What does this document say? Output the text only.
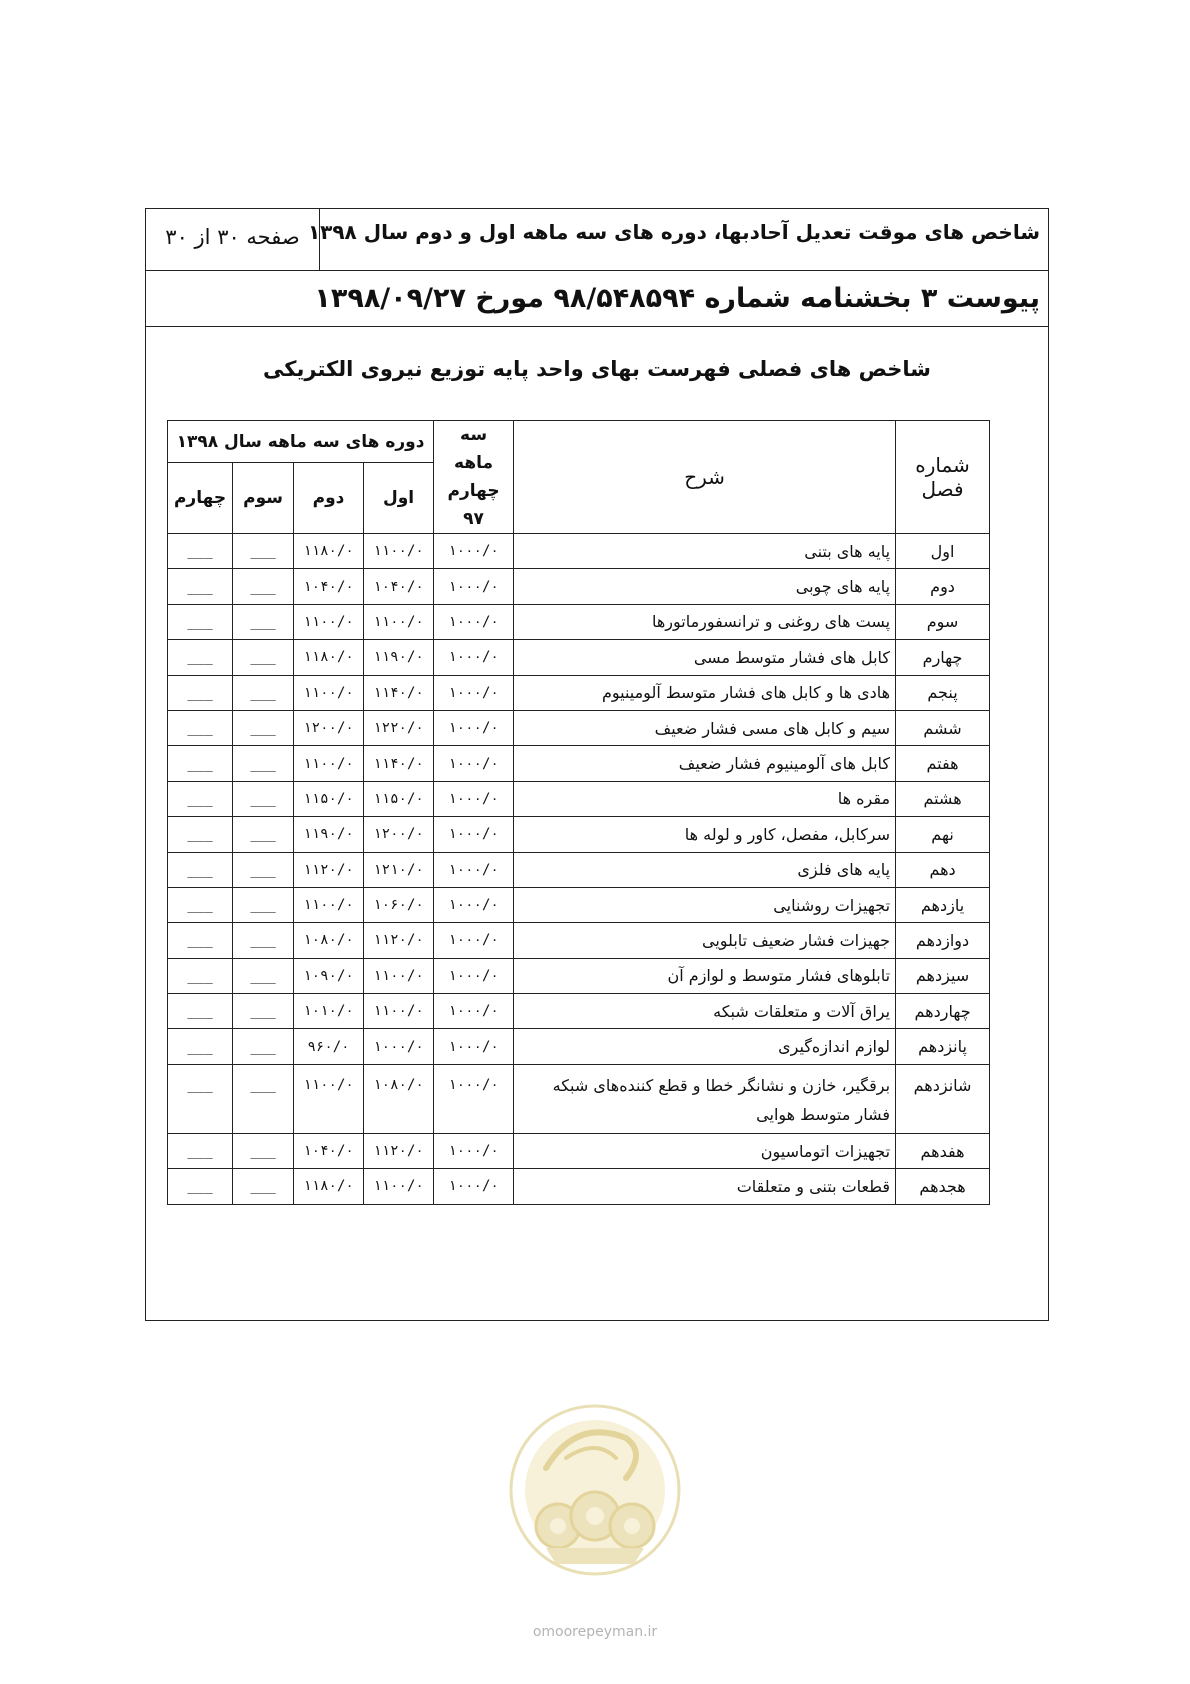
شاخص های موقت تعدیل آحادبها، دوره های سه ماهه اول و دوم سال ۱۳۹۸
صفحه ۳۰ از ۳۰
پیوست ۳ بخشنامه شماره ۹۸/۵۴۸۵۹۴ مورخ ۱۳۹۸/۰۹/۲۷
شاخص های فصلی فهرست بهای واحد پایه توزیع نیروی الکتریکی
شماره فصل	شرح	سه ماهه چهارم ۹۷	دوره های سه ماهه سال ۱۳۹۸			
			اول	دوم	سوم	چهارم
اول	پایه های بتنی	۱۰۰۰/۰	۱۱۰۰/۰	۱۱۸۰/۰	___	___
دوم	پایه های چوبی	۱۰۰۰/۰	۱۰۴۰/۰	۱۰۴۰/۰	___	___
سوم	پست های روغنی و ترانسفورماتورها	۱۰۰۰/۰	۱۱۰۰/۰	۱۱۰۰/۰	___	___
چهارم	کابل های فشار متوسط مسی	۱۰۰۰/۰	۱۱۹۰/۰	۱۱۸۰/۰	___	___
پنجم	هادی ها و کابل های فشار متوسط آلومینیوم	۱۰۰۰/۰	۱۱۴۰/۰	۱۱۰۰/۰	___	___
ششم	سیم و کابل های مسی فشار ضعیف	۱۰۰۰/۰	۱۲۲۰/۰	۱۲۰۰/۰	___	___
هفتم	کابل های آلومینیوم فشار ضعیف	۱۰۰۰/۰	۱۱۴۰/۰	۱۱۰۰/۰	___	___
هشتم	مقره ها	۱۰۰۰/۰	۱۱۵۰/۰	۱۱۵۰/۰	___	___
نهم	سرکابل، مفصل، کاور و لوله ها	۱۰۰۰/۰	۱۲۰۰/۰	۱۱۹۰/۰	___	___
دهم	پایه های فلزی	۱۰۰۰/۰	۱۲۱۰/۰	۱۱۲۰/۰	___	___
یازدهم	تجهیزات روشنایی	۱۰۰۰/۰	۱۰۶۰/۰	۱۱۰۰/۰	___	___
دوازدهم	جهیزات فشار ضعیف تابلویی	۱۰۰۰/۰	۱۱۲۰/۰	۱۰۸۰/۰	___	___
سیزدهم	تابلوهای فشار متوسط و لوازم آن	۱۰۰۰/۰	۱۱۰۰/۰	۱۰۹۰/۰	___	___
چهاردهم	یراق آلات و متعلقات شبکه	۱۰۰۰/۰	۱۱۰۰/۰	۱۰۱۰/۰	___	___
پانزدهم	لوازم اندازه‌گیری	۱۰۰۰/۰	۱۰۰۰/۰	۹۶۰/۰	___	___
شانزدهم	برقگیر، خازن و نشانگر خطا و قطع کننده‌های شبکه فشار متوسط هوایی	۱۰۰۰/۰	۱۰۸۰/۰	۱۱۰۰/۰	___	___
هفدهم	تجهیزات اتوماسیون	۱۰۰۰/۰	۱۱۲۰/۰	۱۰۴۰/۰	___	___
هجدهم	قطعات بتنی و متعلقات	۱۰۰۰/۰	۱۱۰۰/۰	۱۱۸۰/۰	___	___
omoorepeyman.ir
